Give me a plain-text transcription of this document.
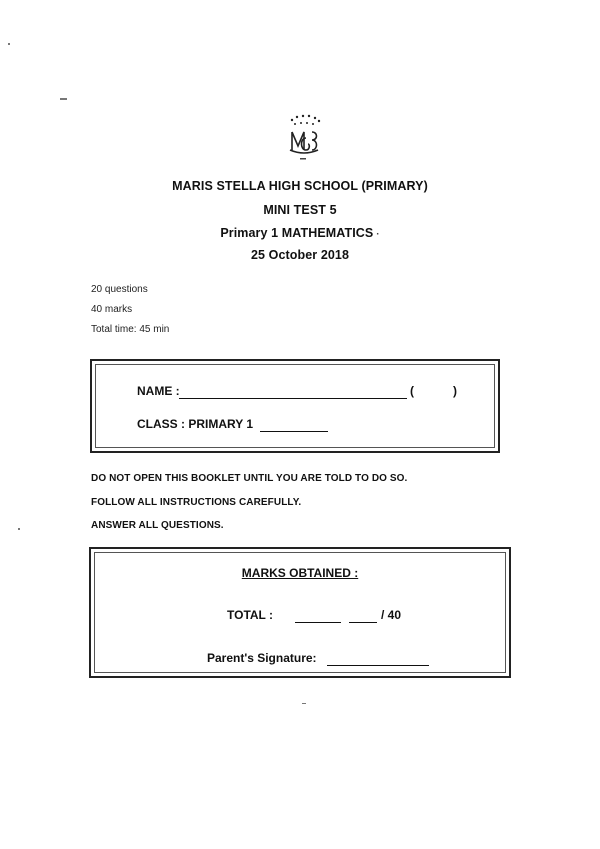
MARIS STELLA HIGH SCHOOL (PRIMARY)
MINI TEST 5
Primary 1 MATHEMATICS ·
25 October 2018
20 questions
40 marks
Total time: 45 min
NAME :	(	)
CLASS : PRIMARY 1
DO NOT OPEN THIS BOOKLET UNTIL YOU ARE TOLD TO DO SO.
FOLLOW ALL INSTRUCTIONS CAREFULLY.
ANSWER ALL QUESTIONS.
MARKS OBTAINED :
TOTAL :	/ 40
Parent's Signature:
